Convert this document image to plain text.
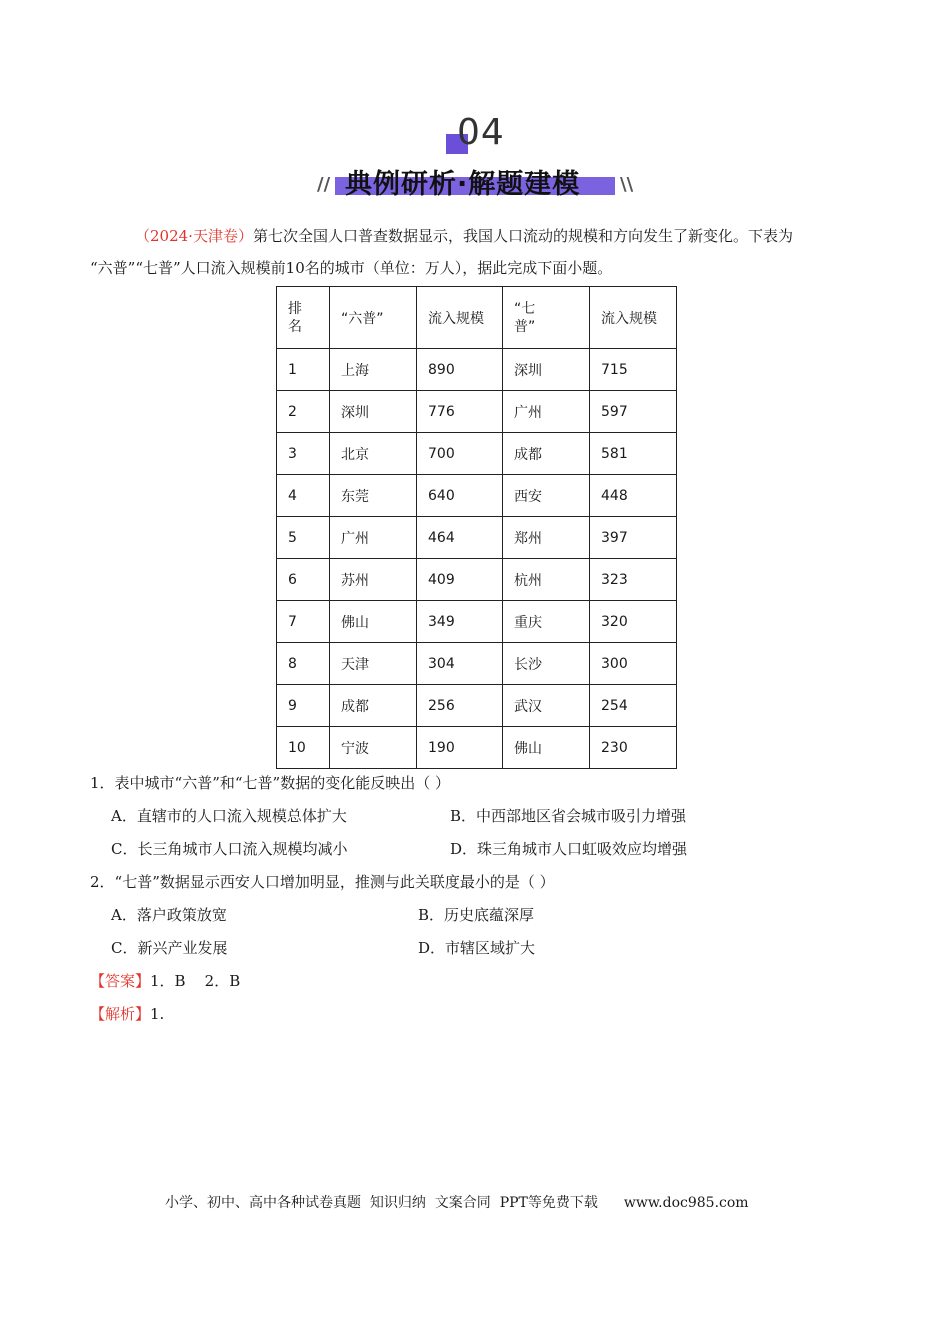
04
// 典例研析·解题建模 \\
（2024·天津卷）第七次全国人口普查数据显示，我国人口流动的规模和方向发生了新变化。下表为
“六普”“七普”人口流入规模前10名的城市（单位：万人），据此完成下面小题。
排名	“六普”	流入规模	“七普”	流入规模
1	上海	890	深圳	715
2	深圳	776	广州	597
3	北京	700	成都	581
4	东莞	640	西安	448
5	广州	464	郑州	397
6	苏州	409	杭州	323
7	佛山	349	重庆	320
8	天津	304	长沙	300
9	成都	256	武汉	254
10	宁波	190	佛山	230
1．表中城市“六普”和“七普”数据的变化能反映出（ ）
A．直辖市的人口流入规模总体扩大	B．中西部地区省会城市吸引力增强
C．长三角城市人口流入规模均减小	D．珠三角城市人口虹吸效应均增强
2．“七普”数据显示西安人口增加明显，推测与此关联度最小的是（ ）
A．落户政策放宽	B．历史底蕴深厚
C．新兴产业发展	D．市辖区域扩大
【答案】1．B    2．B
【解析】1.
小学、初中、高中各种试卷真题  知识归纳  文案合同  PPT等免费下载 www.doc985.com
